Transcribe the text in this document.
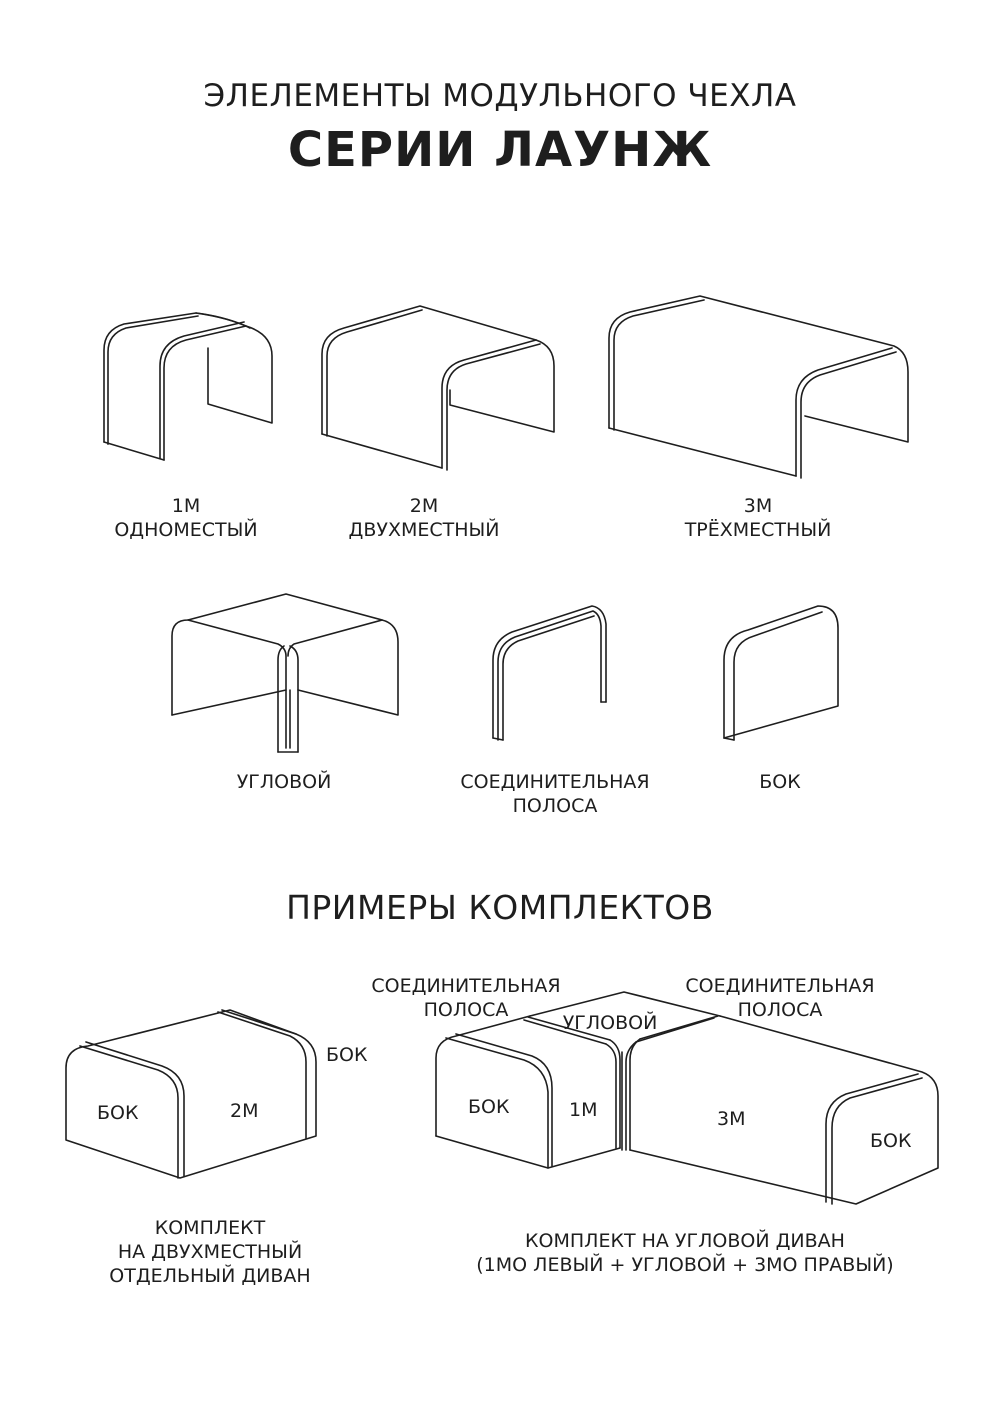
ЭЛЕЛЕМЕНТЫ МОДУЛЬНОГО ЧЕХЛА
СЕРИИ ЛАУНЖ
1М
ОДНОМЕСТЫЙ
2М
ДВУХМЕСТНЫЙ
3М
ТРЁХМЕСТНЫЙ
УГЛОВОЙ	СОЕДИНИТЕЛЬНАЯ
ПОЛОСА
БОК
ПРИМЕРЫ КОМПЛЕКТОВ
БОК	2М
БОК
КОМПЛЕКТ
НА ДВУХМЕСТНЫЙ
ОТДЕЛЬНЫЙ ДИВАН
СОЕДИНИТЕЛЬНАЯ
ПОЛОСА
СОЕДИНИТЕЛЬНАЯ
ПОЛОСА
УГЛОВОЙ
БОК	1М	3М
БОК
КОМПЛЕКТ НА УГЛОВОЙ ДИВАН
(1МО ЛЕВЫЙ + УГЛОВОЙ + 3МО ПРАВЫЙ)
